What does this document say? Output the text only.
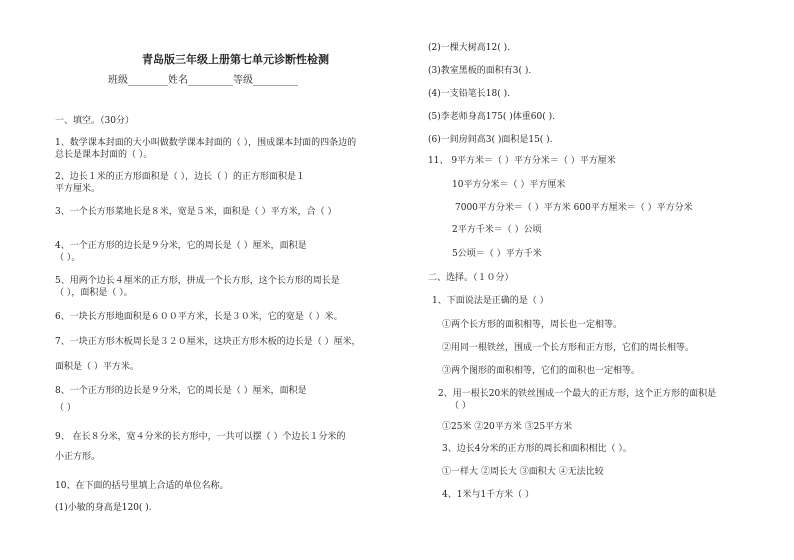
青岛版三年级上册第七单元诊断性检测
班级________姓名_________等级_________
一、填空。（30分）
1、数学课本封面的大小叫做数学课本封面的（ ），围成课本封面的四条边的
总长是课本封面的（ ）。
2、边长１米的正方形面积是（ ），边长（ ）的正方形面积是１
平方厘米。
3、一个长方形菜地长是８米，宽是５米，面积是（ ）平方米，合（ ）
4、一个正方形的边长是９分米，它的周长是（ ）厘米，面积是
（ ）。
5、用两个边长４厘米的正方形，拼成一个长方形，这个长方形的周长是
（ ），面积是（ ）。
6、一块长方形地面积是６００平方米，长是３０米，它的宽是（ ）米。
7、一块正方形木板周长是３２０厘米，这块正方形木板的边长是（ ）厘米，
面积是（ ）平方米。
8、一个正方形的边长是９分米，它的周长是（ ）厘米，面积是
（ ）
9、 在长８分米，宽４分米的长方形中，一共可以摆（ ）个边长１分米的
小正方形。
10、在下面的括号里填上合适的单位名称。
(1)小敏的身高是120( ).
(2)一棵大树高12( ).
(3)教室黑板的面积有3( ).
(4)一支铅笔长18( ).
(5)李老师身高175( )体重60( ).
(6)一间房间高3( )面积是15( ).
11、 9平方米＝（ ）平方分米＝（ ）平方厘米
10平方分米＝（ ）平方厘米
7000平方分米＝（ ）平方米 600平方厘米＝（ ）平方分米
2平方千米＝（ ）公顷
5公顷＝（ ）平方千米
二、选择。（１０分）
1、下面说法是正确的是（ ）
①两个长方形的面积相等，周长也一定相等。
②用同一根铁丝，围成一个长方形和正方形，它们的周长相等。
③两个图形的面积相等，它们的面积也一定相等。
2、用一根长20米的铁丝围成一个最大的正方形，这个正方形的面积是
（ ）
①25米 ②20平方米 ③25平方米
3、边长4分米的正方形的周长和面积相比（ ）。
①一样大 ②周长大 ③面积大 ④无法比较
4、1米与1千方米（ ）
